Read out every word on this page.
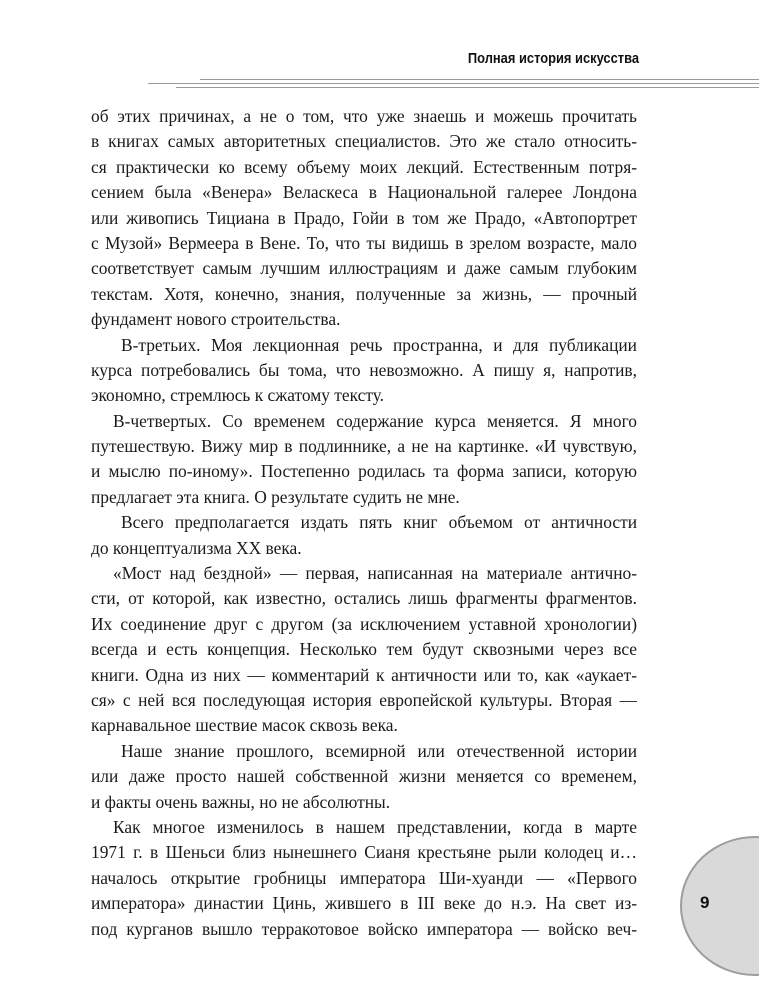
Полная история искусства
об этих причинах, а не о том, что уже знаешь и можешь прочитать
в книгах самых авторитетных специалистов. Это же стало относить-
ся практически ко всему объему моих лекций. Естественным потря-
сением была «Венера» Веласкеса в Национальной галерее Лондона
или живопись Тициана в Прадо, Гойи в том же Прадо, «Автопортрет
с Музой» Вермеера в Вене. То, что ты видишь в зрелом возрасте, мало
соответствует самым лучшим иллюстрациям и даже самым глубоким
текстам. Хотя, конечно, знания, полученные за жизнь, — прочный
фундамент нового строительства.
В-третьих. Моя лекционная речь пространна, и для публикации
курса потребовались бы тома, что невозможно. А пишу я, напротив,
экономно, стремлюсь к сжатому тексту.
В-четвертых. Со временем содержание курса меняется. Я много
путешествую. Вижу мир в подлиннике, а не на картинке. «И чувствую,
и мыслю по-иному». Постепенно родилась та форма записи, которую
предлагает эта книга. О результате судить не мне.
Всего предполагается издать пять книг объемом от античности
до концептуализма XX века.
«Мост над бездной» — первая, написанная на материале антично-
сти, от которой, как известно, остались лишь фрагменты фрагментов.
Их соединение друг с другом (за исключением уставной хронологии)
всегда и есть концепция. Несколько тем будут сквозными через все
книги. Одна из них — комментарий к античности или то, как «аукает-
ся» с ней вся последующая история европейской культуры. Вторая —
карнавальное шествие масок сквозь века.
Наше знание прошлого, всемирной или отечественной истории
или даже просто нашей собственной жизни меняется со временем,
и факты очень важны, но не абсолютны.
Как многое изменилось в нашем представлении, когда в марте
1971 г. в Шеньси близ нынешнего Сианя крестьяне рыли колодец и…
началось открытие гробницы императора Ши-хуанди — «Первого
императора» династии Цинь, жившего в III веке до н.э. На свет из-
под курганов вышло терракотовое войско императора — войско веч-
9
